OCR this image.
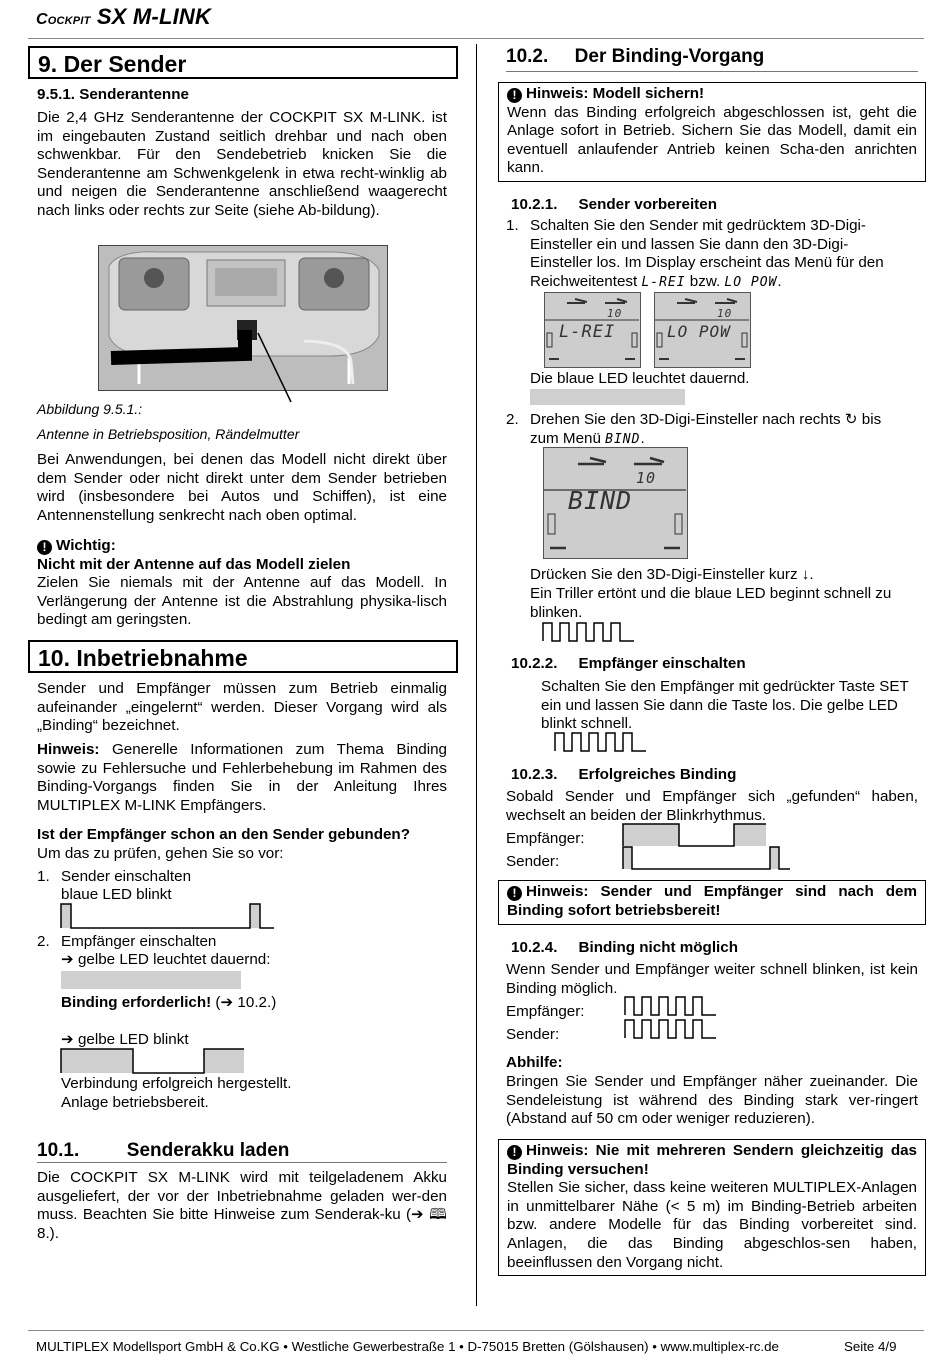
Cockpit SX M-LINK
9. Der Sender
9.5.1. Senderantenne
Die 2,4 GHz Senderantenne der COCKPIT SX M-LINK. ist im eingebauten Zustand seitlich drehbar und nach oben schwenkbar. Für den Sendebetrieb knicken Sie die Senderantenne am Schwenkgelenk in etwa recht-winklig ab und neigen die Senderantenne anschließend waagerecht nach links oder rechts zur Seite (siehe Ab-bildung).
Abbildung 9.5.1.:
Antenne in Betriebsposition, Rändelmutter
Bei Anwendungen, bei denen das Modell nicht direkt über dem Sender oder nicht direkt unter dem Sender betrieben wird (insbesondere bei Autos und Schiffen), ist eine Antennenstellung senkrecht nach oben optimal.
! Wichtig:
Nicht mit der Antenne auf das Modell zielen
Zielen Sie niemals mit der Antenne auf das Modell. In Verlängerung der Antenne ist die Abstrahlung physika-lisch bedingt am geringsten.
10. Inbetriebnahme
Sender und Empfänger müssen zum Betrieb einmalig aufeinander „eingelernt“ werden. Dieser Vorgang wird als „Binding“ bezeichnet.
Hinweis: Generelle Informationen zum Thema Binding sowie zu Fehlersuche und Fehlerbehebung im Rahmen des Binding-Vorgangs finden Sie in der Anleitung Ihres MULTIPLEX M-LINK Empfängers.
Ist der Empfänger schon an den Sender gebunden?
Um das zu prüfen, gehen Sie so vor:
1. Sender einschalten
blaue LED blinkt
2. Empfänger einschalten
➔ gelbe LED leuchtet dauernd:
Binding erforderlich! (➔ 10.2.)
➔ gelbe LED blinkt
Verbindung erfolgreich hergestellt.
Anlage betriebsbereit.
10.1.         Senderakku laden
Die COCKPIT SX M-LINK wird mit teilgeladenem Akku ausgeliefert, der vor der Inbetriebnahme geladen wer-den muss. Beachten Sie bitte Hinweise zum Senderak-ku (➔ 🕮 8.).
10.2.     Der Binding-Vorgang
! Hinweis: Modell sichern!
Wenn das Binding erfolgreich abgeschlossen ist, geht die Anlage sofort in Betrieb. Sichern Sie das Modell, damit ein eventuell anlaufender Antrieb keinen Scha-den anrichten kann.
10.2.1.     Sender vorbereiten
1. Schalten Sie den Sender mit gedrücktem 3D-Digi-Einsteller ein und lassen Sie dann den 3D-Digi-Einsteller los. Im Display erscheint das Menü für den Reichweitentest L-REI bzw. LO POW.
10
L-REI
10
LO POW
Die blaue LED leuchtet dauernd.
2. Drehen Sie den 3D-Digi-Einsteller nach rechts ↻ bis zum Menü BIND.
10
BIND
Drücken Sie den 3D-Digi-Einsteller kurz ↓.
Ein Triller ertönt und die blaue LED beginnt schnell zu blinken.
10.2.2.     Empfänger einschalten
Schalten Sie den Empfänger mit gedrückter Taste SET ein und lassen Sie dann die Taste los. Die gelbe LED blinkt schnell.
10.2.3.     Erfolgreiches Binding
Sobald Sender und Empfänger sich „gefunden“ haben, wechselt an beiden der Blinkrhythmus.
Empfänger:
Sender:
! Hinweis: Sender und Empfänger sind nach dem Binding sofort betriebsbereit!
10.2.4.     Binding nicht möglich
Wenn Sender und Empfänger weiter schnell blinken, ist kein Binding möglich.
Empfänger:
Sender:
Abhilfe:
Bringen Sie Sender und Empfänger näher zueinander. Die Sendeleistung ist während des Binding stark ver-ringert (Abstand auf 50 cm oder weniger reduzieren).
! Hinweis: Nie mit mehreren Sendern gleichzeitig das Binding versuchen!
Stellen Sie sicher, dass keine weiteren MULTIPLEX-Anlagen in unmittelbarer Nähe (< 5 m) im Binding-Betrieb arbeiten bzw. andere Modelle für das Binding vorbereitet sind. Anlagen, die das Binding abgeschlos-sen haben, beeinflussen den Vorgang nicht.
MULTIPLEX Modellsport GmbH & Co.KG • Westliche Gewerbestraße 1 • D-75015 Bretten (Gölshausen) • www.multiplex-rc.de	Seite 4/9
